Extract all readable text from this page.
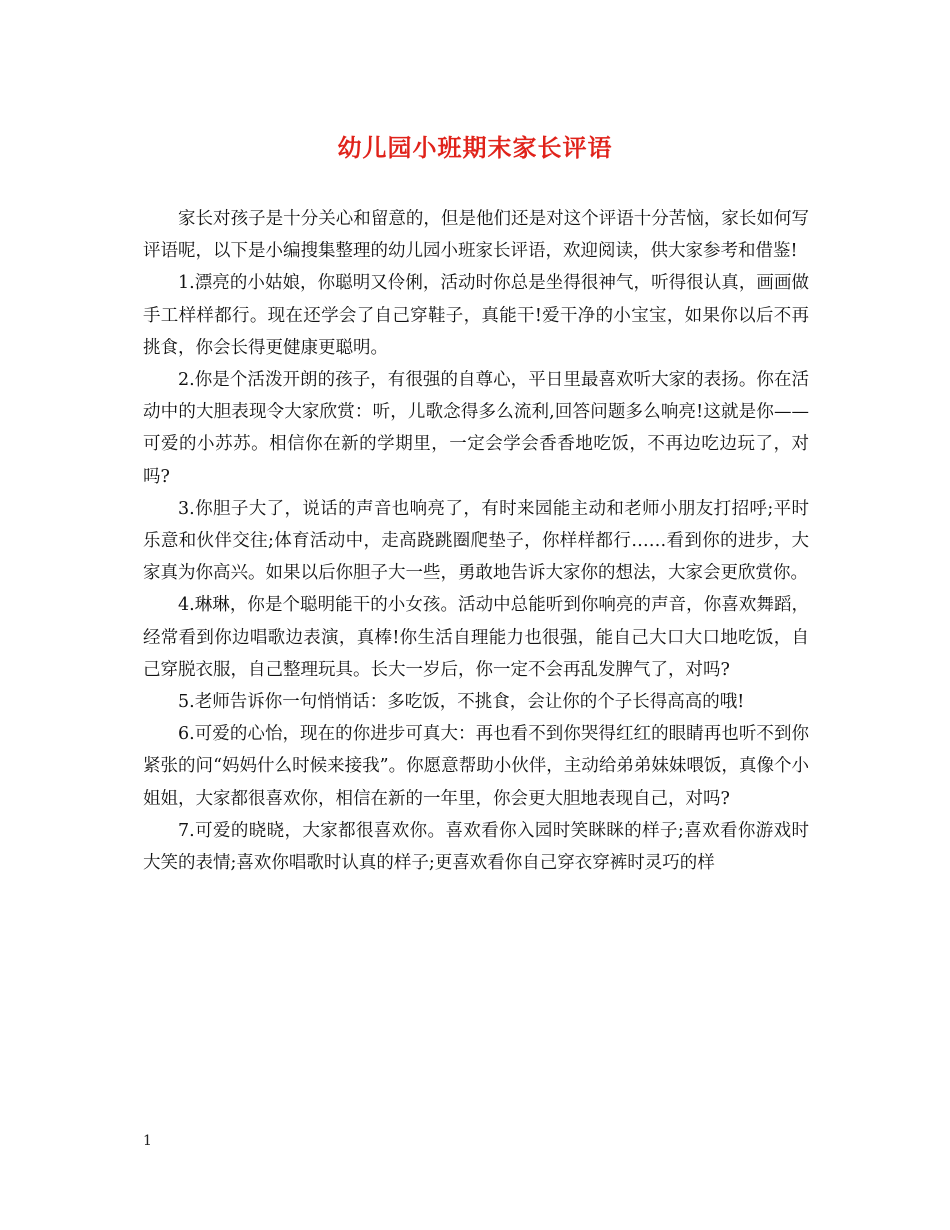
幼儿园小班期末家长评语

家长对孩子是十分关心和留意的，但是他们还是对这个评语十分苦恼，家长如何写评语呢，以下是小编搜集整理的幼儿园小班家长评语，欢迎阅读，供大家参考和借鉴!

1.漂亮的小姑娘，你聪明又伶俐，活动时你总是坐得很神气，听得很认真，画画做手工样样都行。现在还学会了自己穿鞋子，真能干!爱干净的小宝宝，如果你以后不再挑食，你会长得更健康更聪明。

2.你是个活泼开朗的孩子，有很强的自尊心，平日里最喜欢听大家的表扬。你在活动中的大胆表现令大家欣赏：听，儿歌念得多么流利,回答问题多么响亮!这就是你——可爱的小苏苏。相信你在新的学期里，一定会学会香香地吃饭，不再边吃边玩了，对吗?

3.你胆子大了，说话的声音也响亮了，有时来园能主动和老师小朋友打招呼;平时乐意和伙伴交往;体育活动中，走高跷跳圈爬垫子，你样样都行……看到你的进步，大家真为你高兴。如果以后你胆子大一些，勇敢地告诉大家你的想法，大家会更欣赏你。

4.琳琳，你是个聪明能干的小女孩。活动中总能听到你响亮的声音，你喜欢舞蹈，经常看到你边唱歌边表演，真棒!你生活自理能力也很强，能自己大口大口地吃饭，自己穿脱衣服，自己整理玩具。长大一岁后，你一定不会再乱发脾气了，对吗?

5.老师告诉你一句悄悄话：多吃饭，不挑食，会让你的个子长得高高的哦!

6.可爱的心怡，现在的你进步可真大：再也看不到你哭得红红的眼睛再也听不到你紧张的问“妈妈什么时候来接我”。你愿意帮助小伙伴，主动给弟弟妹妹喂饭，真像个小姐姐，大家都很喜欢你，相信在新的一年里，你会更大胆地表现自己，对吗?

7.可爱的晓晓，大家都很喜欢你。喜欢看你入园时笑眯眯的样子;喜欢看你游戏时大笑的表情;喜欢你唱歌时认真的样子;更喜欢看你自己穿衣穿裤时灵巧的样

1
